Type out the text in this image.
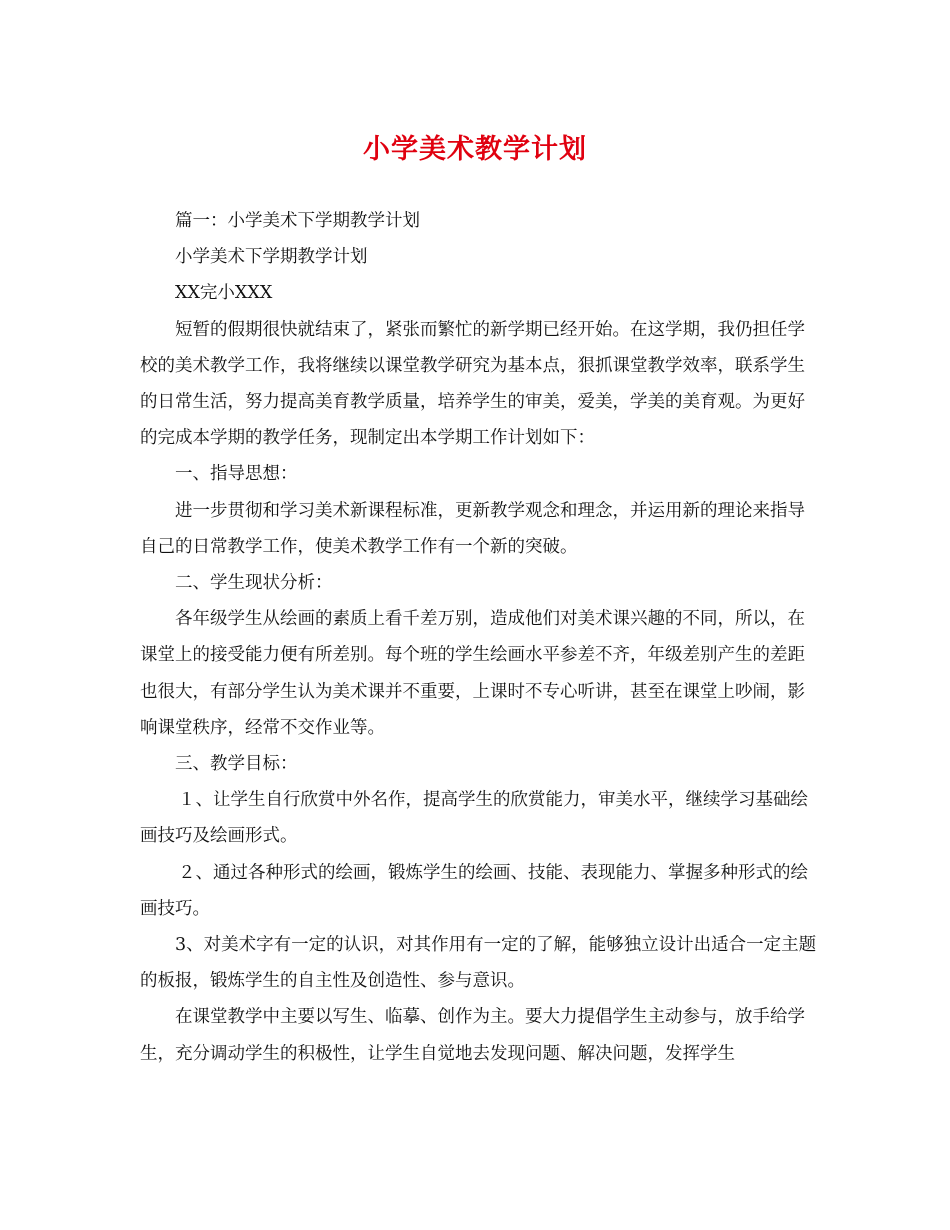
小学美术教学计划

篇一：小学美术下学期教学计划

小学美术下学期教学计划

XX完小XXX

短暂的假期很快就结束了，紧张而繁忙的新学期已经开始。在这学期，我仍担任学校的美术教学工作，我将继续以课堂教学研究为基本点，狠抓课堂教学效率，联系学生的日常生活，努力提高美育教学质量，培养学生的审美，爱美，学美的美育观。为更好的完成本学期的教学任务，现制定出本学期工作计划如下：

一、指导思想：

进一步贯彻和学习美术新课程标准，更新教学观念和理念，并运用新的理论来指导自己的日常教学工作，使美术教学工作有一个新的突破。

二、学生现状分析：

各年级学生从绘画的素质上看千差万别，造成他们对美术课兴趣的不同，所以，在课堂上的接受能力便有所差别。每个班的学生绘画水平参差不齐，年级差别产生的差距也很大，有部分学生认为美术课并不重要，上课时不专心听讲，甚至在课堂上吵闹，影响课堂秩序，经常不交作业等。

三、教学目标：

１、让学生自行欣赏中外名作，提高学生的欣赏能力，审美水平，继续学习基础绘画技巧及绘画形式。

２、通过各种形式的绘画，锻炼学生的绘画、技能、表现能力、掌握多种形式的绘画技巧。

3、对美术字有一定的认识，对其作用有一定的了解，能够独立设计出适合一定主题的板报，锻炼学生的自主性及创造性、参与意识。

在课堂教学中主要以写生、临摹、创作为主。要大力提倡学生主动参与，放手给学生，充分调动学生的积极性，让学生自觉地去发现问题、解决问题，发挥学生
